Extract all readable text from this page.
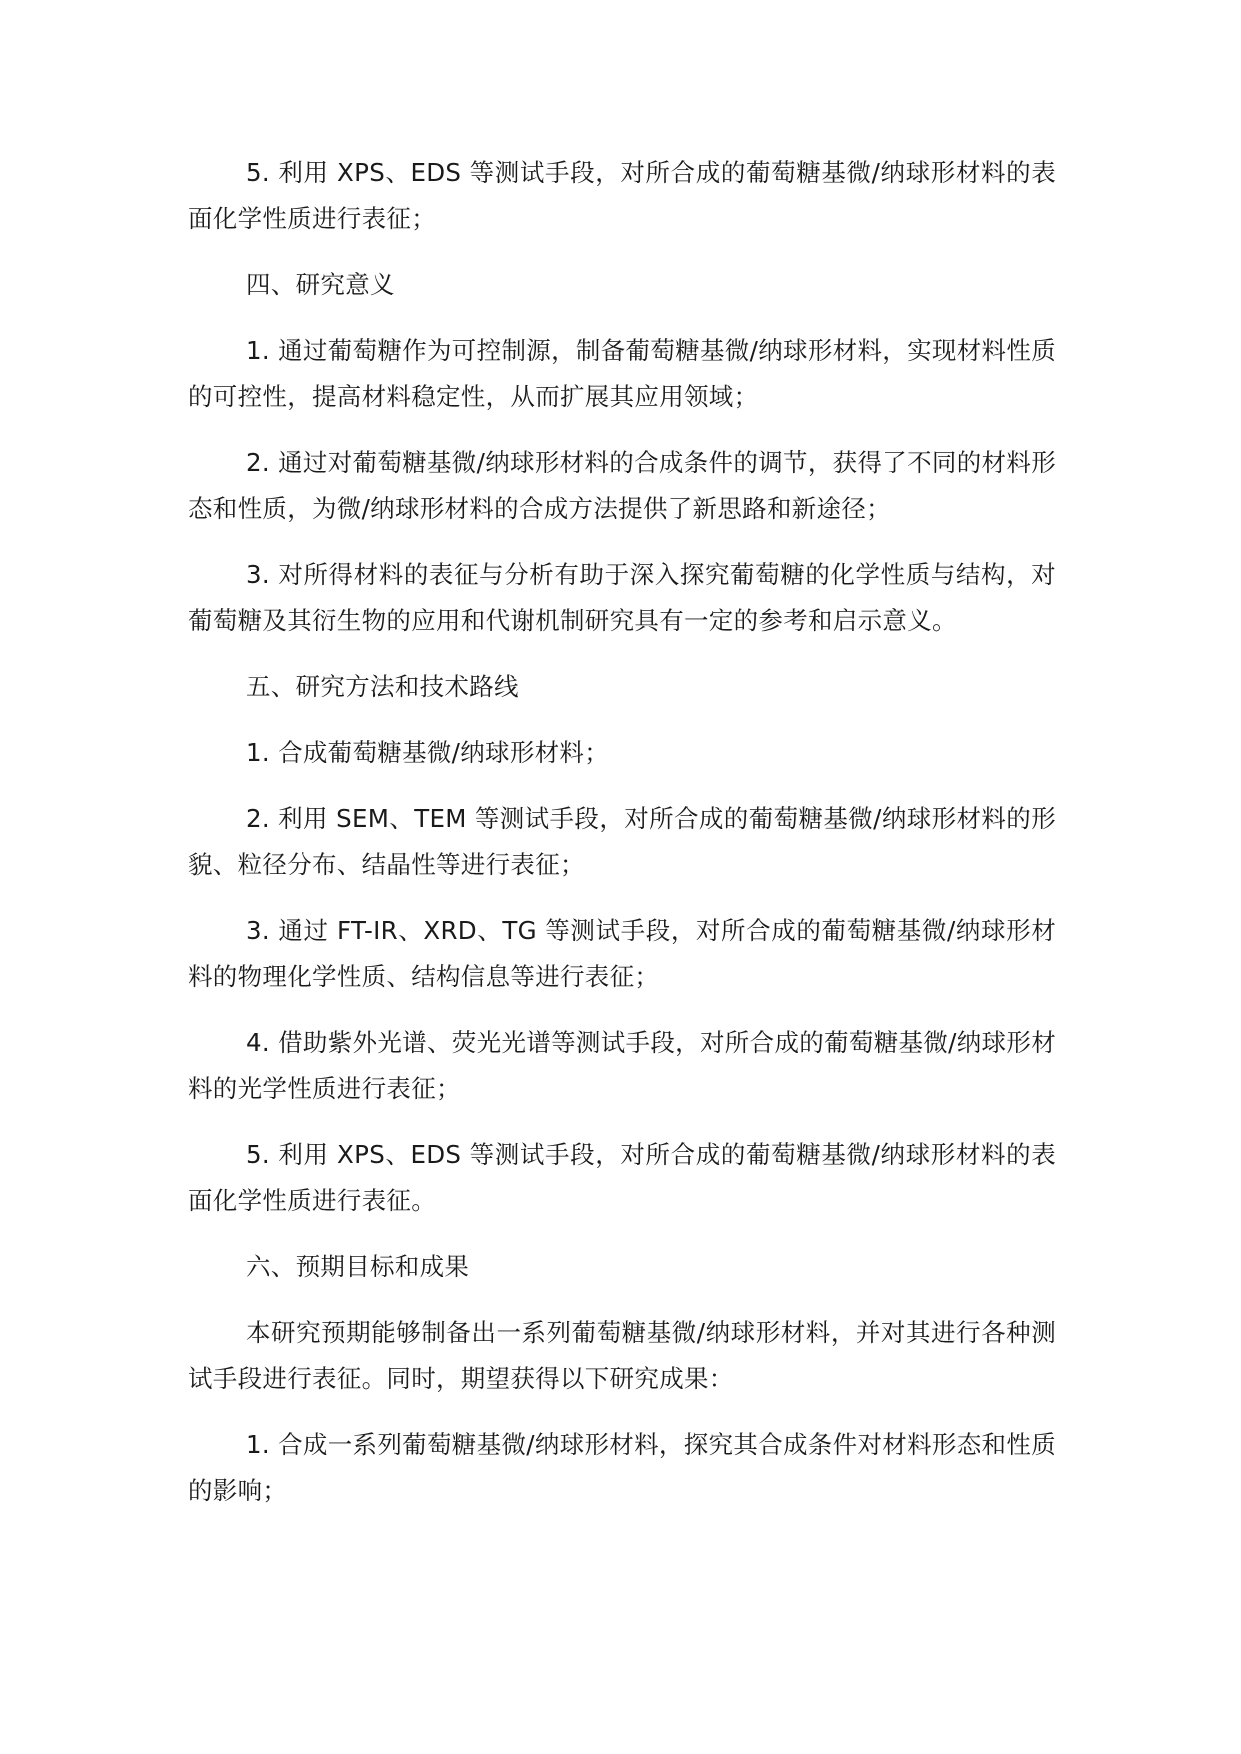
5. 利用 XPS、EDS 等测试手段，对所合成的葡萄糖基微/纳球形材料的表面化学性质进行表征；

四、研究意义

1. 通过葡萄糖作为可控制源，制备葡萄糖基微/纳球形材料，实现材料性质的可控性，提高材料稳定性，从而扩展其应用领域；

2. 通过对葡萄糖基微/纳球形材料的合成条件的调节，获得了不同的材料形态和性质，为微/纳球形材料的合成方法提供了新思路和新途径；

3. 对所得材料的表征与分析有助于深入探究葡萄糖的化学性质与结构，对葡萄糖及其衍生物的应用和代谢机制研究具有一定的参考和启示意义。

五、研究方法和技术路线

1. 合成葡萄糖基微/纳球形材料；

2. 利用 SEM、TEM 等测试手段，对所合成的葡萄糖基微/纳球形材料的形貌、粒径分布、结晶性等进行表征；

3. 通过 FT-IR、XRD、TG 等测试手段，对所合成的葡萄糖基微/纳球形材料的物理化学性质、结构信息等进行表征；

4. 借助紫外光谱、荧光光谱等测试手段，对所合成的葡萄糖基微/纳球形材料的光学性质进行表征；

5. 利用 XPS、EDS 等测试手段，对所合成的葡萄糖基微/纳球形材料的表面化学性质进行表征。

六、预期目标和成果

本研究预期能够制备出一系列葡萄糖基微/纳球形材料，并对其进行各种测试手段进行表征。同时，期望获得以下研究成果：

1. 合成一系列葡萄糖基微/纳球形材料，探究其合成条件对材料形态和性质的影响；
